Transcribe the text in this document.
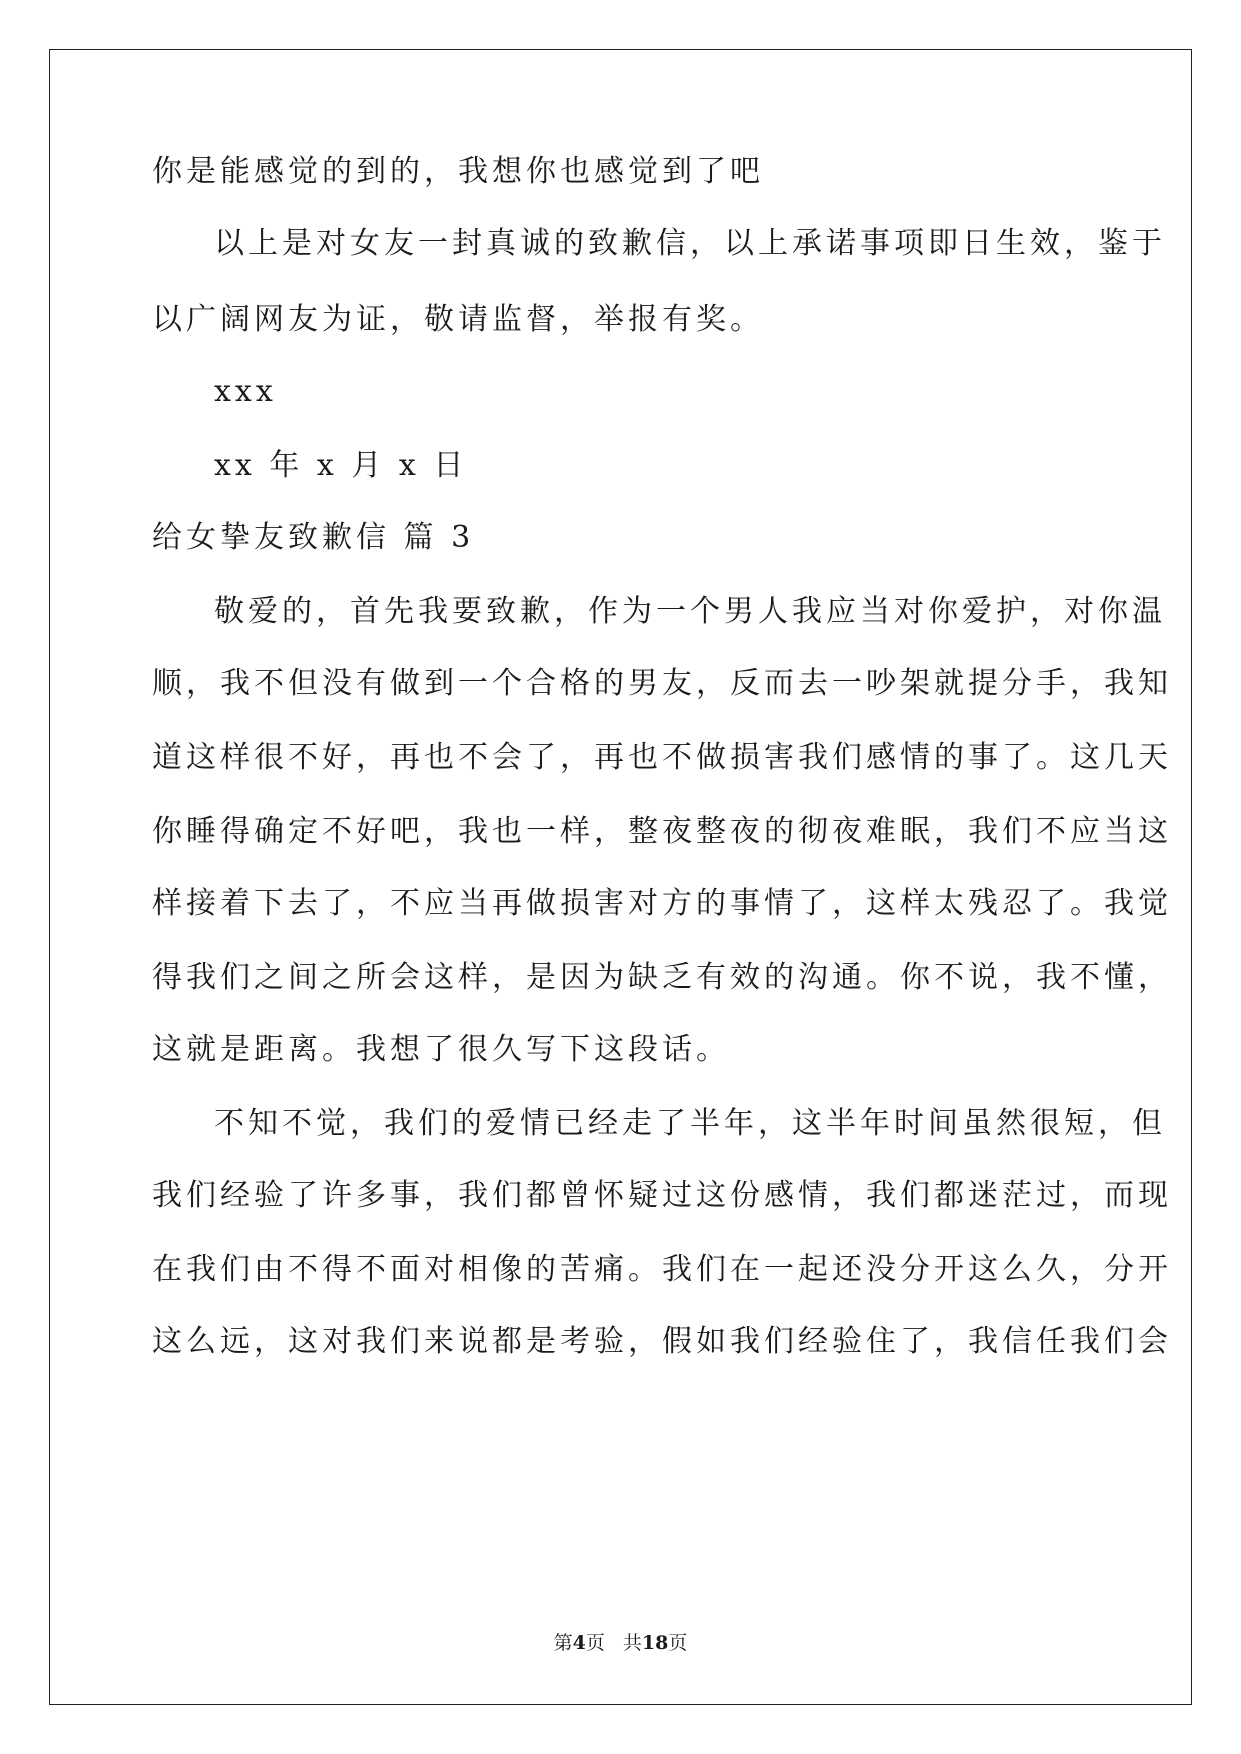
你是能感觉的到的，我想你也感觉到了吧
以上是对女友一封真诚的致歉信，以上承诺事项即日生效，鉴于
以广阔网友为证，敬请监督，举报有奖。
xxx
xx 年 x 月 x 日
给女挚友致歉信 篇 3
敬爱的，首先我要致歉，作为一个男人我应当对你爱护，对你温
顺，我不但没有做到一个合格的男友，反而去一吵架就提分手，我知
道这样很不好，再也不会了，再也不做损害我们感情的事了。这几天
你睡得确定不好吧，我也一样，整夜整夜的彻夜难眠，我们不应当这
样接着下去了，不应当再做损害对方的事情了，这样太残忍了。我觉
得我们之间之所会这样，是因为缺乏有效的沟通。你不说，我不懂，
这就是距离。我想了很久写下这段话。
不知不觉，我们的爱情已经走了半年，这半年时间虽然很短，但
我们经验了许多事，我们都曾怀疑过这份感情，我们都迷茫过，而现
在我们由不得不面对相像的苦痛。我们在一起还没分开这么久，分开
这么远，这对我们来说都是考验，假如我们经验住了，我信任我们会
第4页 共18页
